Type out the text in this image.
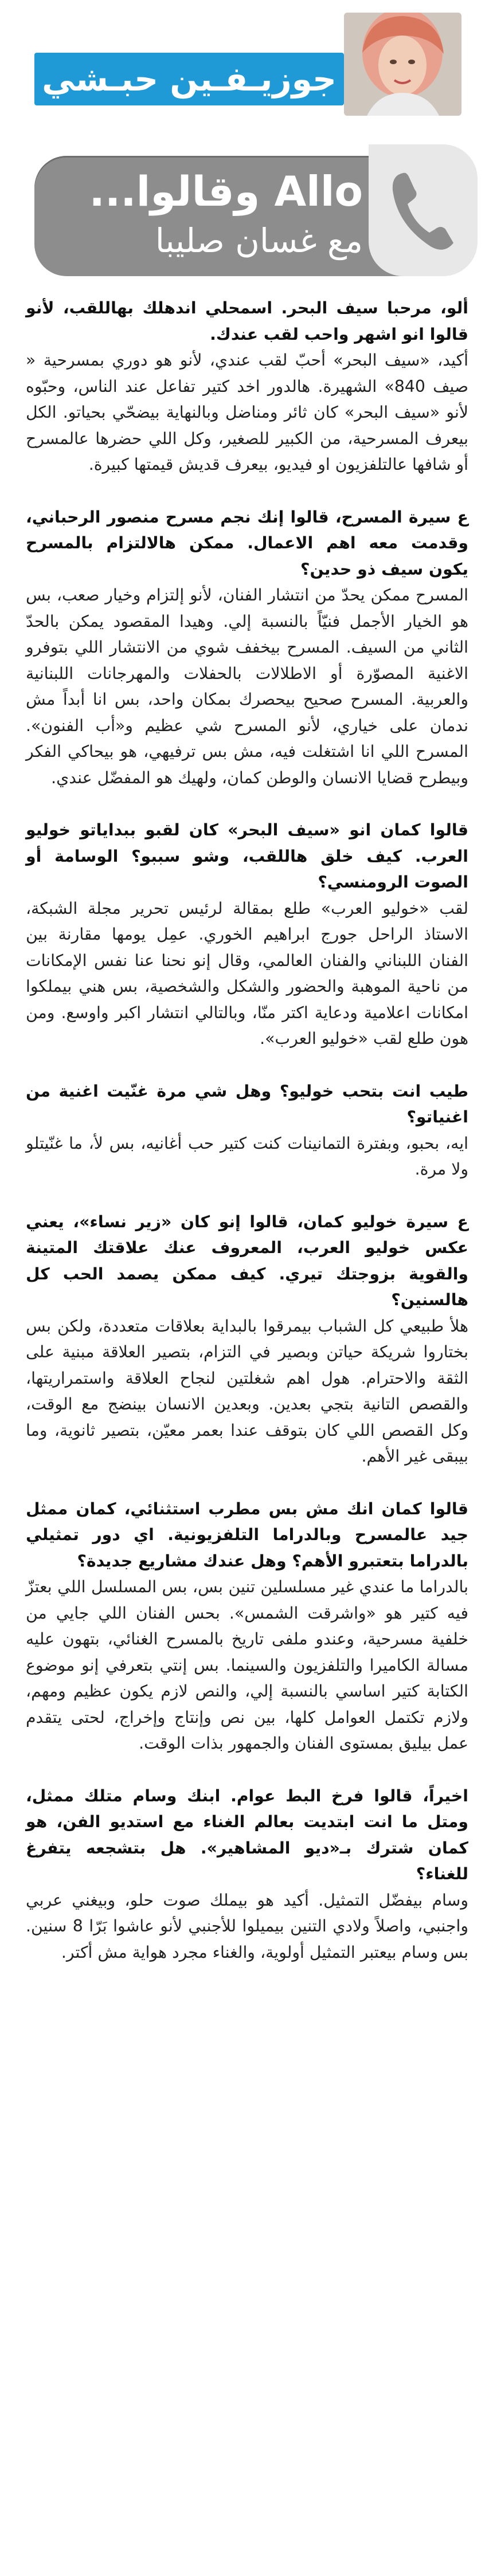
جوزيـفـين حبـشي
Allo وقالوا...
مع غسان صليبا

ألو، مرحبا سيف البحر. اسمحلي اندهلك بهاللقب، لأنو قالوا انو اشهر واحب لقب عندك.

أكيد، «سيف البحر» أحبّ لقب عندي، لأنو هو دوري بمسرحية « صيف 840» الشهيرة. هالدور اخد كتير تفاعل عند الناس، وحبّوه لأنو «سيف البحر» كان ثائر ومناضل وبالنهاية بيضحّي بحياتو. الكل بيعرف المسرحية، من الكبير للصغير، وكل اللي حضرها عالمسرح أو شافها عالتلفزيون او فيديو، بيعرف قديش قيمتها كبيرة.

ع سيرة المسرح، قالوا إنك نجم مسرح منصور الرحباني، وقدمت معه اهم الاعمال. ممكن هالالتزام بالمسرح يكون سيف ذو حدين؟

المسرح ممكن يحدّ من انتشار الفنان، لأنو إلتزام وخيار صعب، بس هو الخيار الأجمل فنيّاً بالنسبة إلي. وهيدا المقصود يمكن بالحدّ الثاني من السيف. المسرح بيخفف شوي من الانتشار اللي بتوفرو الاغنية المصوّرة أو الاطلالات بالحفلات والمهرجانات اللبنانية والعربية. المسرح صحيح بيحصرك بمكان واحد، بس انا أبداً مش ندمان على خياري، لأنو المسرح شي عظيم و«أب الفنون». المسرح اللي انا اشتغلت فيه، مش بس ترفيهي، هو بيحاكي الفكر وبيطرح قضايا الانسان والوطن كمان، ولهيك هو المفضّل عندي.

قالوا كمان انو «سيف البحر» كان لقبو ببداياتو خوليو العرب. كيف خلق هاللقب، وشو سببو؟ الوسامة أو الصوت الرومنسي؟

لقب «خوليو العرب» طلع بمقالة لرئيس تحرير مجلة الشبكة، الاستاذ الراحل جورج ابراهيم الخوري. عمِل يومها مقارنة بين الفنان اللبناني والفنان العالمي، وقال إنو نحنا عنا نفس الإمكانات من ناحية الموهبة والحضور والشكل والشخصية، بس هني بيملكوا امكانات اعلامية ودعاية اكتر منّا، وبالتالي انتشار اكبر واوسع. ومن هون طلع لقب «خوليو العرب».

طيب انت بتحب خوليو؟ وهل شي مرة غنّيت اغنية من اغنياتو؟

ايه، بحبو، وبفترة التمانينات كنت كتير حب أغانيه، بس لأ، ما غنّيتلو ولا مرة.

ع سيرة خوليو كمان، قالوا إنو كان «زير نساء»، يعني عكس خوليو العرب، المعروف عنك علاقتك المتينة والقوية بزوجتك تيري. كيف ممكن يصمد الحب كل هالسنين؟

هلأ طبيعي كل الشباب بيمرقوا بالبداية بعلاقات متعددة، ولكن بس بختاروا شريكة حياتن وبصير في التزام، بتصير العلاقة مبنية على الثقة والاحترام. هول اهم شغلتين لنجاح العلاقة واستمراريتها، والقصص التانية بتجي بعدين. وبعدين الانسان بينضج مع الوقت، وكل القصص اللي كان بتوقف عندا بعمر معيّن، بتصير ثانوية، وما بيبقى غير الأهم.

قالوا كمان انك مش بس مطرب استثنائي، كمان ممثل جيد عالمسرح وبالدراما التلفزيونية. اي دور تمثيلي بالدراما بتعتبرو الأهم؟ وهل عندك مشاريع جديدة؟

بالدراما ما عندي غير مسلسلين تنين بس، بس المسلسل اللي بعتزّ فيه كتير هو «واشرقت الشمس». بحس الفنان اللي جايي من خلفية مسرحية، وعندو ملفى تاريخ بالمسرح الغنائي، بتهون عليه مسالة الكاميرا والتلفزيون والسينما. بس إنتي بتعرفي إنو موضوع الكتابة كتير اساسي بالنسبة إلي، والنص لازم يكون عظيم ومهم، ولازم تكتمل العوامل كلها، بين نص وإنتاج وإخراج، لحتى يتقدم عمل بيليق بمستوى الفنان والجمهور بذات الوقت.

اخيراً، قالوا فرخ البط عوام. ابنك وسام متلك ممثل، ومتل ما انت ابتديت بعالم الغناء مع استديو الفن، هو كمان شترك بـ«ديو المشاهير». هل بتشجعه يتفرغ للغناء؟

وسام بيفضّل التمثيل. أكيد هو بيملك صوت حلو، وبيغني عربي واجنبي، واصلاً ولادي التنين بيميلوا للأجنبي لأنو عاشوا بَرّا 8 سنين. بس وسام بيعتبر التمثيل أولوية، والغناء مجرد هواية مش أكتر.
